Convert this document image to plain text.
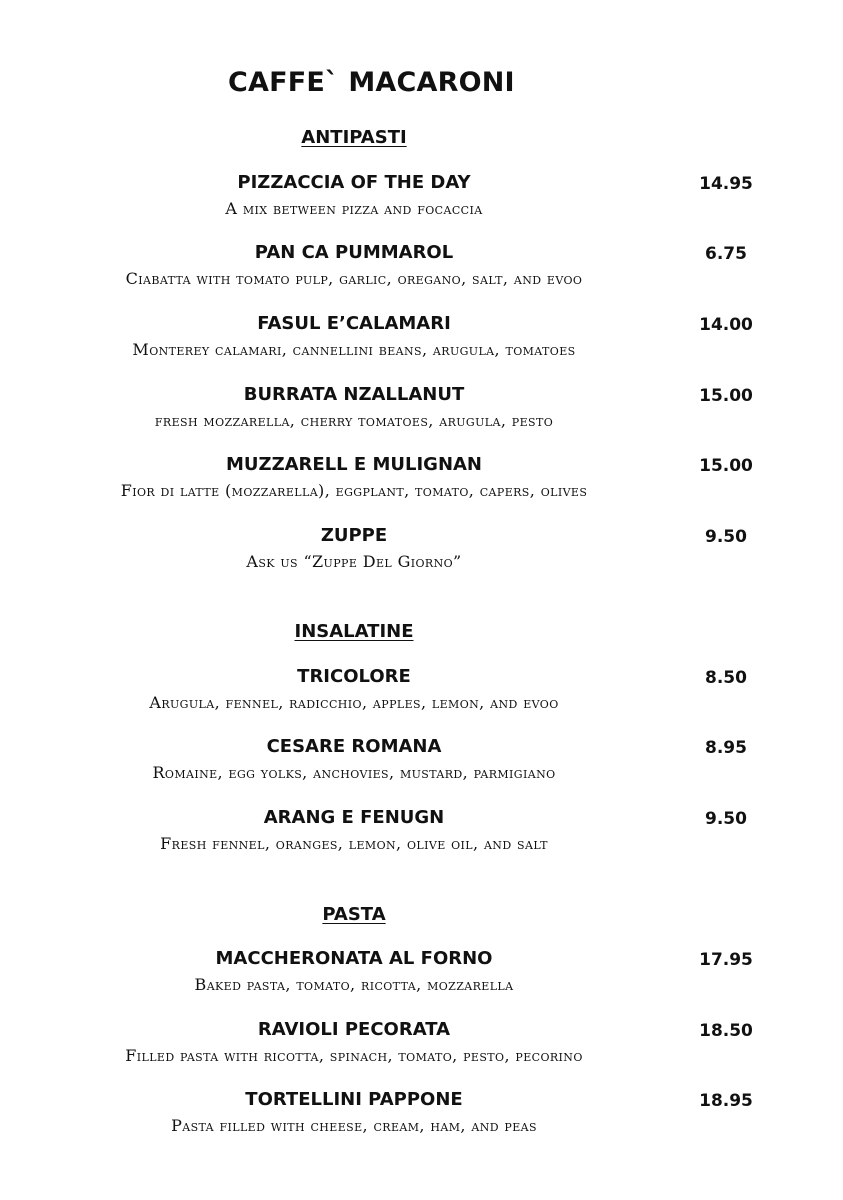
CAFFE` MACARONI
ANTIPASTI
PIZZACCIA OF THE DAY
A mix between pizza and focaccia
14.95
PAN CA PUMMAROL
Ciabatta with tomato pulp, garlic, oregano, salt, and evoo
6.75
FASUL E’CALAMARI
Monterey calamari, cannellini beans, arugula, tomatoes
14.00
BURRATA NZALLANUT
fresh mozzarella, cherry tomatoes, arugula, pesto
15.00
MUZZARELL E MULIGNAN
Fior di latte (mozzarella), eggplant, tomato, capers, olives
15.00
ZUPPE
Ask us “Zuppe Del Giorno”
9.50
INSALATINE
TRICOLORE
Arugula, fennel, radicchio, apples, lemon, and evoo
8.50
CESARE ROMANA
Romaine, egg yolks, anchovies, mustard, parmigiano
8.95
ARANG E FENUGN
Fresh fennel, oranges, lemon, olive oil, and salt
9.50
PASTA
MACCHERONATA AL FORNO
Baked pasta, tomato, ricotta, mozzarella
17.95
RAVIOLI PECORATA
Filled pasta with ricotta, spinach, tomato, pesto, pecorino
18.50
TORTELLINI PAPPONE
Pasta filled with cheese, cream, ham, and peas
18.95
